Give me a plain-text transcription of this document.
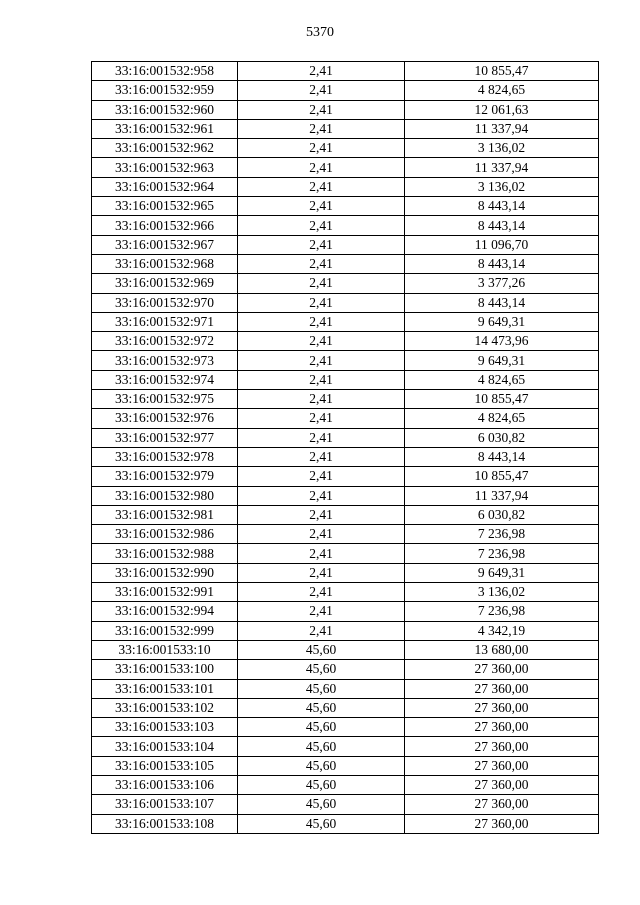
5370
33:16:001532:958	2,41	10 855,47
33:16:001532:959	2,41	4 824,65
33:16:001532:960	2,41	12 061,63
33:16:001532:961	2,41	11 337,94
33:16:001532:962	2,41	3 136,02
33:16:001532:963	2,41	11 337,94
33:16:001532:964	2,41	3 136,02
33:16:001532:965	2,41	8 443,14
33:16:001532:966	2,41	8 443,14
33:16:001532:967	2,41	11 096,70
33:16:001532:968	2,41	8 443,14
33:16:001532:969	2,41	3 377,26
33:16:001532:970	2,41	8 443,14
33:16:001532:971	2,41	9 649,31
33:16:001532:972	2,41	14 473,96
33:16:001532:973	2,41	9 649,31
33:16:001532:974	2,41	4 824,65
33:16:001532:975	2,41	10 855,47
33:16:001532:976	2,41	4 824,65
33:16:001532:977	2,41	6 030,82
33:16:001532:978	2,41	8 443,14
33:16:001532:979	2,41	10 855,47
33:16:001532:980	2,41	11 337,94
33:16:001532:981	2,41	6 030,82
33:16:001532:986	2,41	7 236,98
33:16:001532:988	2,41	7 236,98
33:16:001532:990	2,41	9 649,31
33:16:001532:991	2,41	3 136,02
33:16:001532:994	2,41	7 236,98
33:16:001532:999	2,41	4 342,19
33:16:001533:10	45,60	13 680,00
33:16:001533:100	45,60	27 360,00
33:16:001533:101	45,60	27 360,00
33:16:001533:102	45,60	27 360,00
33:16:001533:103	45,60	27 360,00
33:16:001533:104	45,60	27 360,00
33:16:001533:105	45,60	27 360,00
33:16:001533:106	45,60	27 360,00
33:16:001533:107	45,60	27 360,00
33:16:001533:108	45,60	27 360,00
